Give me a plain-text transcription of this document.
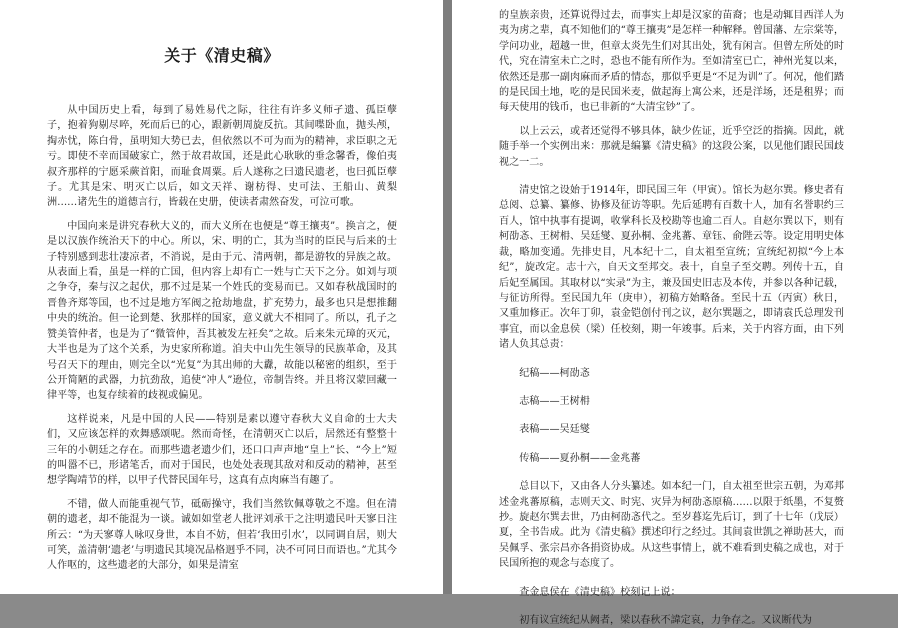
关于《清史稿》

从中国历史上看，每到了易姓易代之际，往往有许多义师孑遗、孤臣孽子，抱着狗剔尽啐，死而后已的心，跟新朝周旋反抗。其间喋卧血，抛头颅，掏赤忧，陈白骨，虽明知大势已去，但依然以不可为而为的精神，求臣职之无亏。即使不幸而国破家亡，然于故君故国，还是此心耿耿的垂念馨香，像伯夷叔齐那样的宁愿采蕨首阳，而耻食周粟。后人遂称之曰遗民遗老，也曰孤臣孽子。尤其是宋、明灭亡以后，如文天祥、谢枋得、史可法、王船山、黄梨洲……诸先生的道德言行，皆载在史册，使读者肃然奋发，可泣可歌。

中国向来是讲究春秋大义的，而大义所在也便是“尊王攘夷”。换言之，便是以汉族作统治天下的中心。所以，宋、明的亡，其为当时的臣民与后来的士子特别感到悲壮凄凉者，不消说，是由于元、清两朝，都是游牧的异族之故。从表面上看，虽是一样的亡国，但内容上却有亡一姓与亡天下之分。如刘与项之争夺，秦与汉之起伏，那不过是某一个姓氏的变易而已。又如春秋战国时的晋鲁齐郑等国，也不过是地方军阀之抢劫地盘，扩充势力，最多也只是想推翻中央的统治。但一论到楚、狄那样的国家，意义就大不相同了。所以，孔子之赞美管仲者，也是为了“微管仲，吾其被发左衽矣”之故。后来朱元璋的灭元，大半也是为了这个关系，为史家所称道。洎夫中山先生领导的民族革命，及其号召天下的理由，则完全以“光复”为其出师的大纛，故能以秘密的组织，至于公开简陋的武器，力抗劲敌，追使“冲人”逊位，帝制告终。并且将汉蒙回藏一律平等，也复存续着的歧视或偏见。

这样说来，凡是中国的人民——特别是素以遵守春秋大义自命的士大夫们，又应该怎样的欢舞感颂呢。然而奇怪，在清朝灭亡以后，居然还有整整十三年的小朝廷之存在。而那些遗老遗少们，还口口声声地“皇上”长、“今上”短的叫嚣不已，形诸笔舌，而对于国民，也处处表现其敌对和反动的精神，甚至想学陶靖节的样，以甲子代替民国年号，这真有点肉麻当有趣了。

不错，做人而能重视气节，砥砺操守，我们当然钦佩尊敬之不遑。但在清朝的遗老，却不能混为一谈。诚如如堂老人批评刘承干之注明遗民叶天寥日注所云：“为天寥尊人咏叹身世，本自不妨，但若‘我田引水’，以同调自居，则大可笑，盖清朝‘遗老’与明遗民其境况品格迥乎不同，决不可同日而语也。”尤其今人作呕的，这些遗老的大部分，如果是清室

的皇族亲贵，还算说得过去，而事实上却是汉家的苗裔；也是动辄目西洋人为夷为虏之辈，真不知他们的“尊王攘夷”是怎样一种解释。曾国藩、左宗棠等，学问功业，超越一世，但章太炎先生们对其出处，犹有闲言。但曾左所处的时代，究在清室未亡之时，恐也不能有所作为。至如清室已亡，神州光复以来，依然还是那一副肉麻而矛盾的情态，那似乎更是“不足为训”了。何况，他们踏的是民国土地，吃的是民国米麦，做起海上寓公来，还是洋场，还是租界；而每天使用的钱币，也已非新的“大清宝钞”了。

以上云云，或者还觉得不够具体，缺少佐证，近乎空泛的指摘。因此，就随手举一个实例出来：那就是编纂《清史稿》的这段公案，以见他们跟民国歧视之一二。

清史馆之设始于1914年，即民国三年（甲寅）。馆长为赵尔巽。修史者有总阅、总纂、纂修、协修及征访等职。先后延聘有百数十人，加有名誉职约三百人，馆中执事有提调，收掌科长及校勘等也逾二百人。自赵尔巽以下，则有柯劭忞、王树枏、吴廷燮、夏孙桐、金兆蕃、章钰、俞陛云等。设定用明史体裁，略加变通。先排史目，凡本纪十二，自太祖至宣统；宣统纪初拟“今上本纪”，旋改定。志十六，自天文至邦交。表十，自皇子至交聘。列传十五，自后妃至属国。其取材以“实录”为主，兼及国史旧志及本传，并参以各种记载，与征访所得。至民国九年（庚申），初稿方始略备。至民十五（丙寅）秋日，又重加修正。次年丁卯，袁金铠创付刊之议，赵尔巽题之，即请袁氏总理发刊事宜，而以金息侯（梁）任校刻，期一年竣事。后来，关于内容方面，由下列诸人负其总责：

纪稿——柯劭忞

志稿——王树枏

表稿——吴廷燮

传稿——夏孙桐——金兆蕃

总目以下，又由各人分头纂述。如本纪一门，自太祖至世宗五朝，为邓邦述金兆蕃原稿，志则天文、时宪、灾异为柯劭忞原稿……以限于纸墨，不复赘抄。旋赵尔巽去世，乃由柯劭忞代之。至岁暮迄先后订，到了十七年（戊辰）夏，全书告成。此为《清史稿》撰述印行之经过。其间袁世凯之禅助甚大，而吴佩孚、张宗昌亦各捐资协成。从这些事情上，就不难看到史稿之成也，对于民国所抱的观念与态度了。

查金息侯在《清史稿》校刻记上说：

初有议宣统纪从阙者，梁以春秋不諱定哀，力争存之。又议断代为
